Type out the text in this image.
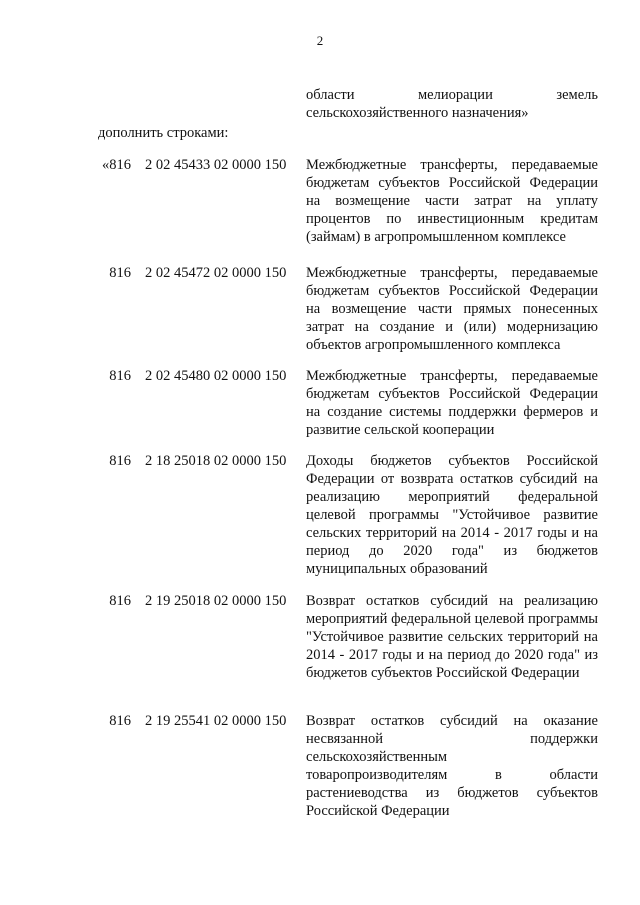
2
области мелиорации земель
сельскохозяйственного назначения»
дополнить строками:
«816 2 02 45433 02 0000 150 Межбюджетные трансферты, передаваемые бюджетам субъектов Российской Федерации на возмещение части затрат на уплату процентов по инвестиционным кредитам (займам) в агропромышленном комплексе
816 2 02 45472 02 0000 150 Межбюджетные трансферты, передаваемые бюджетам субъектов Российской Федерации на возмещение части прямых понесенных затрат на создание и (или) модернизацию объектов агропромышленного комплекса
816 2 02 45480 02 0000 150 Межбюджетные трансферты, передаваемые бюджетам субъектов Российской Федерации на создание системы поддержки фермеров и развитие сельской кооперации
816 2 18 25018 02 0000 150 Доходы бюджетов субъектов Российской Федерации от возврата остатков субсидий на реализацию мероприятий федеральной целевой программы "Устойчивое развитие сельских территорий на 2014 - 2017 годы и на период до 2020 года" из бюджетов муниципальных образований
816 2 19 25018 02 0000 150 Возврат остатков субсидий на реализацию мероприятий федеральной целевой программы "Устойчивое развитие сельских территорий на 2014 - 2017 годы и на период до 2020 года" из бюджетов субъектов Российской Федерации
816 2 19 25541 02 0000 150 Возврат остатков субсидий на оказание
несвязанной поддержки
сельскохозяйственным
товаропроизводителям в области
растениеводства из бюджетов субъектов
Российской Федерации
